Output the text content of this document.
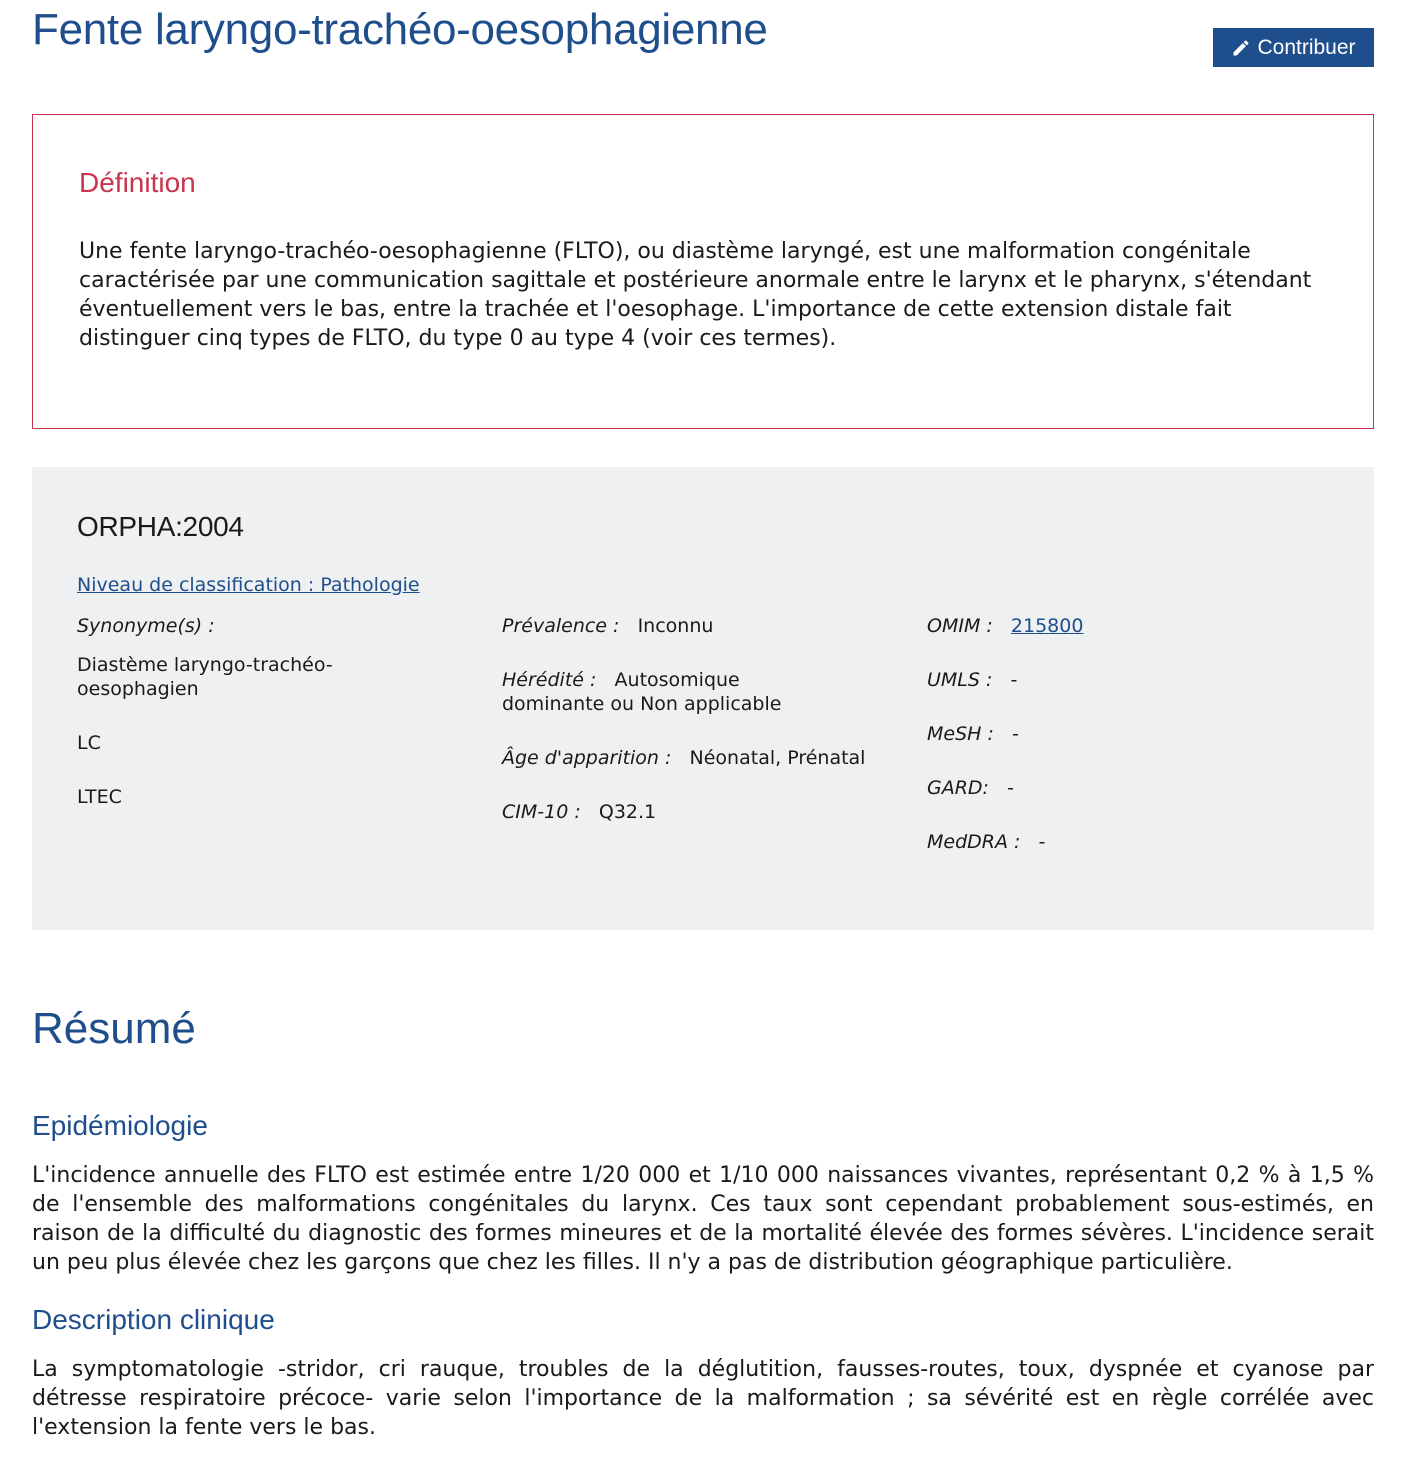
Fente laryngo-trachéo-oesophagienne	Contribuer
Définition

Une fente laryngo-trachéo-oesophagienne (FLTO), ou diastème laryngé, est une malformation congénitale caractérisée par une communication sagittale et postérieure anormale entre le larynx et le pharynx, s'étendant éventuellement vers le bas, entre la trachée et l'oesophage. L'importance de cette extension distale fait distinguer cinq types de FLTO, du type 0 au type 4 (voir ces termes).

ORPHA:2004
Niveau de classification : Pathologie
Synonyme(s) :
Diastème laryngo-trachéo-oesophagien
LC
LTEC
Prévalence : Inconnu
Hérédité : Autosomique dominante ou Non applicable
Âge d'apparition : Néonatal, Prénatal
CIM-10 : Q32.1
OMIM : 215800
UMLS : -
MeSH : -
GARD: -
MedDRA : -
Résumé
Epidémiologie

L'incidence annuelle des FLTO est estimée entre 1/20 000 et 1/10 000 naissances vivantes, représentant 0,2 % à 1,5 % de l'ensemble des malformations congénitales du larynx. Ces taux sont cependant probablement sous-estimés, en raison de la difficulté du diagnostic des formes mineures et de la mortalité élevée des formes sévères. L'incidence serait un peu plus élevée chez les garçons que chez les filles. Il n'y a pas de distribution géographique particulière.

Description clinique

La symptomatologie -stridor, cri rauque, troubles de la déglutition, fausses-routes, toux, dyspnée et cyanose par détresse respiratoire précoce- varie selon l'importance de la malformation ; sa sévérité est en règle corrélée avec l'extension la fente vers le bas.
